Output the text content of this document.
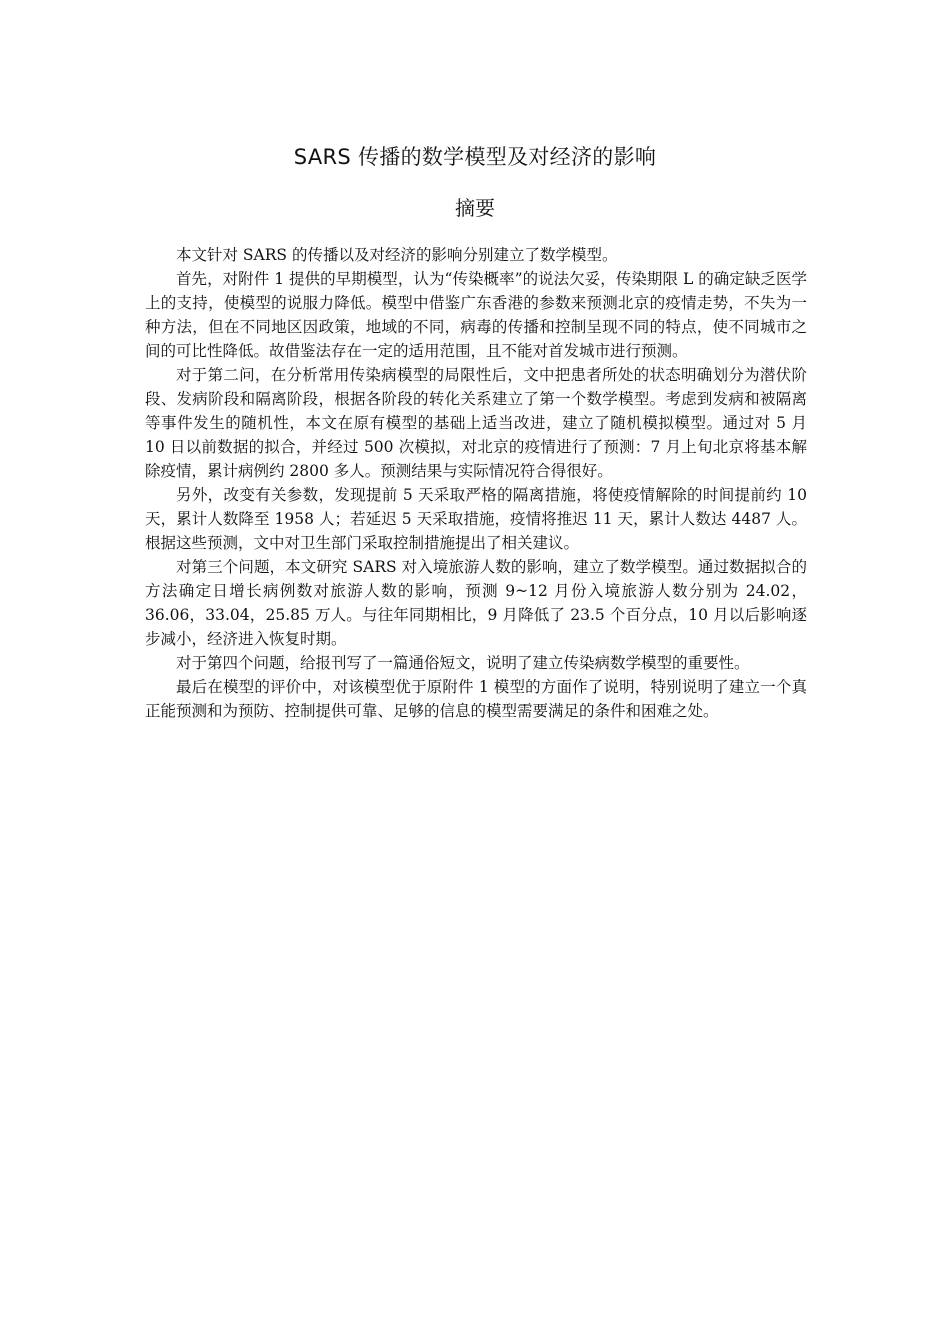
SARS 传播的数学模型及对经济的影响
摘要

本文针对 SARS 的传播以及对经济的影响分别建立了数学模型。

首先，对附件 1 提供的早期模型，认为“传染概率”的说法欠妥，传染期限 L 的确定缺乏医学上的支持，使模型的说服力降低。模型中借鉴广东香港的参数来预测北京的疫情走势，不失为一种方法，但在不同地区因政策，地域的不同，病毒的传播和控制呈现不同的特点，使不同城市之间的可比性降低。故借鉴法存在一定的适用范围，且不能对首发城市进行预测。

对于第二问，在分析常用传染病模型的局限性后，文中把患者所处的状态明确划分为潜伏阶段、发病阶段和隔离阶段，根据各阶段的转化关系建立了第一个数学模型。考虑到发病和被隔离等事件发生的随机性，本文在原有模型的基础上适当改进，建立了随机模拟模型。通过对 5 月 10 日以前数据的拟合，并经过 500 次模拟，对北京的疫情进行了预测：7 月上旬北京将基本解除疫情，累计病例约 2800 多人。预测结果与实际情况符合得很好。

另外，改变有关参数，发现提前 5 天采取严格的隔离措施，将使疫情解除的时间提前约 10 天，累计人数降至 1958 人；若延迟 5 天采取措施，疫情将推迟 11 天，累计人数达 4487 人。根据这些预测，文中对卫生部门采取控制措施提出了相关建议。

对第三个问题，本文研究 SARS 对入境旅游人数的影响，建立了数学模型。通过数据拟合的方法确定日增长病例数对旅游人数的影响，预测 9~12 月份入境旅游人数分别为 24.02，36.06，33.04，25.85 万人。与往年同期相比，9 月降低了 23.5 个百分点，10 月以后影响逐步减小，经济进入恢复时期。

对于第四个问题，给报刊写了一篇通俗短文，说明了建立传染病数学模型的重要性。

最后在模型的评价中，对该模型优于原附件 1 模型的方面作了说明，特别说明了建立一个真正能预测和为预防、控制提供可靠、足够的信息的模型需要满足的条件和困难之处。
